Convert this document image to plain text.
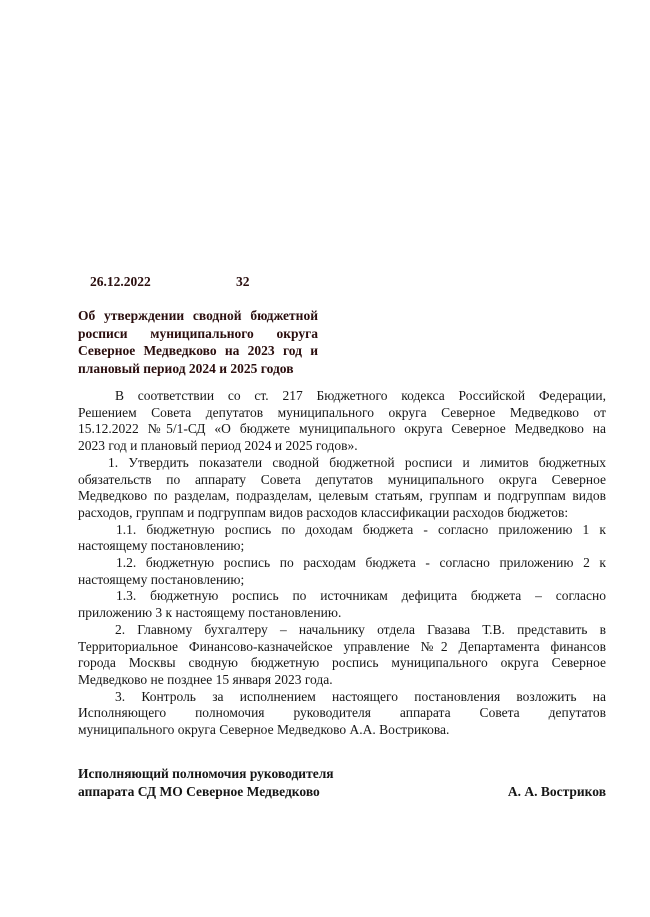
26.12.2022	32
Об утверждении сводной бюджетной
росписи муниципального округа
Северное Медведково на 2023 год и
плановый период 2024 и 2025 годов
В соответствии со ст. 217 Бюджетного кодекса Российской Федерации,
Решением Совета депутатов муниципального округа Северное Медведково от
15.12.2022 №5/1-СД «О бюджете муниципального округа Северное Медведково на
2023 год и плановый период 2024 и 2025 годов».
1. Утвердить показатели сводной бюджетной росписи и лимитов бюджетных
обязательств по аппарату Совета депутатов муниципального округа Северное
Медведково по разделам, подразделам, целевым статьям, группам и подгруппам видов
расходов, группам и подгруппам видов расходов классификации расходов бюджетов:
1.1. бюджетную роспись по доходам бюджета - согласно приложению 1 к
настоящему постановлению;
1.2. бюджетную роспись по расходам бюджета - согласно приложению 2 к
настоящему постановлению;
1.3. бюджетную роспись по источникам дефицита бюджета – согласно
приложению 3 к настоящему постановлению.
2. Главному бухгалтеру – начальнику отдела Гвазава Т.В. представить в
Территориальное Финансово-казначейское управление №2 Департамента финансов
города Москвы сводную бюджетную роспись муниципального округа Северное
Медведково не позднее 15 января 2023 года.
3. Контроль за исполнением настоящего постановления возложить на
Исполняющего полномочия руководителя аппарата Совета депутатов
муниципального округа Северное Медведково А.А. Вострикова.
Исполняющий полномочия руководителя
аппарата СД МО Северное Медведково	А. А. Востриков
